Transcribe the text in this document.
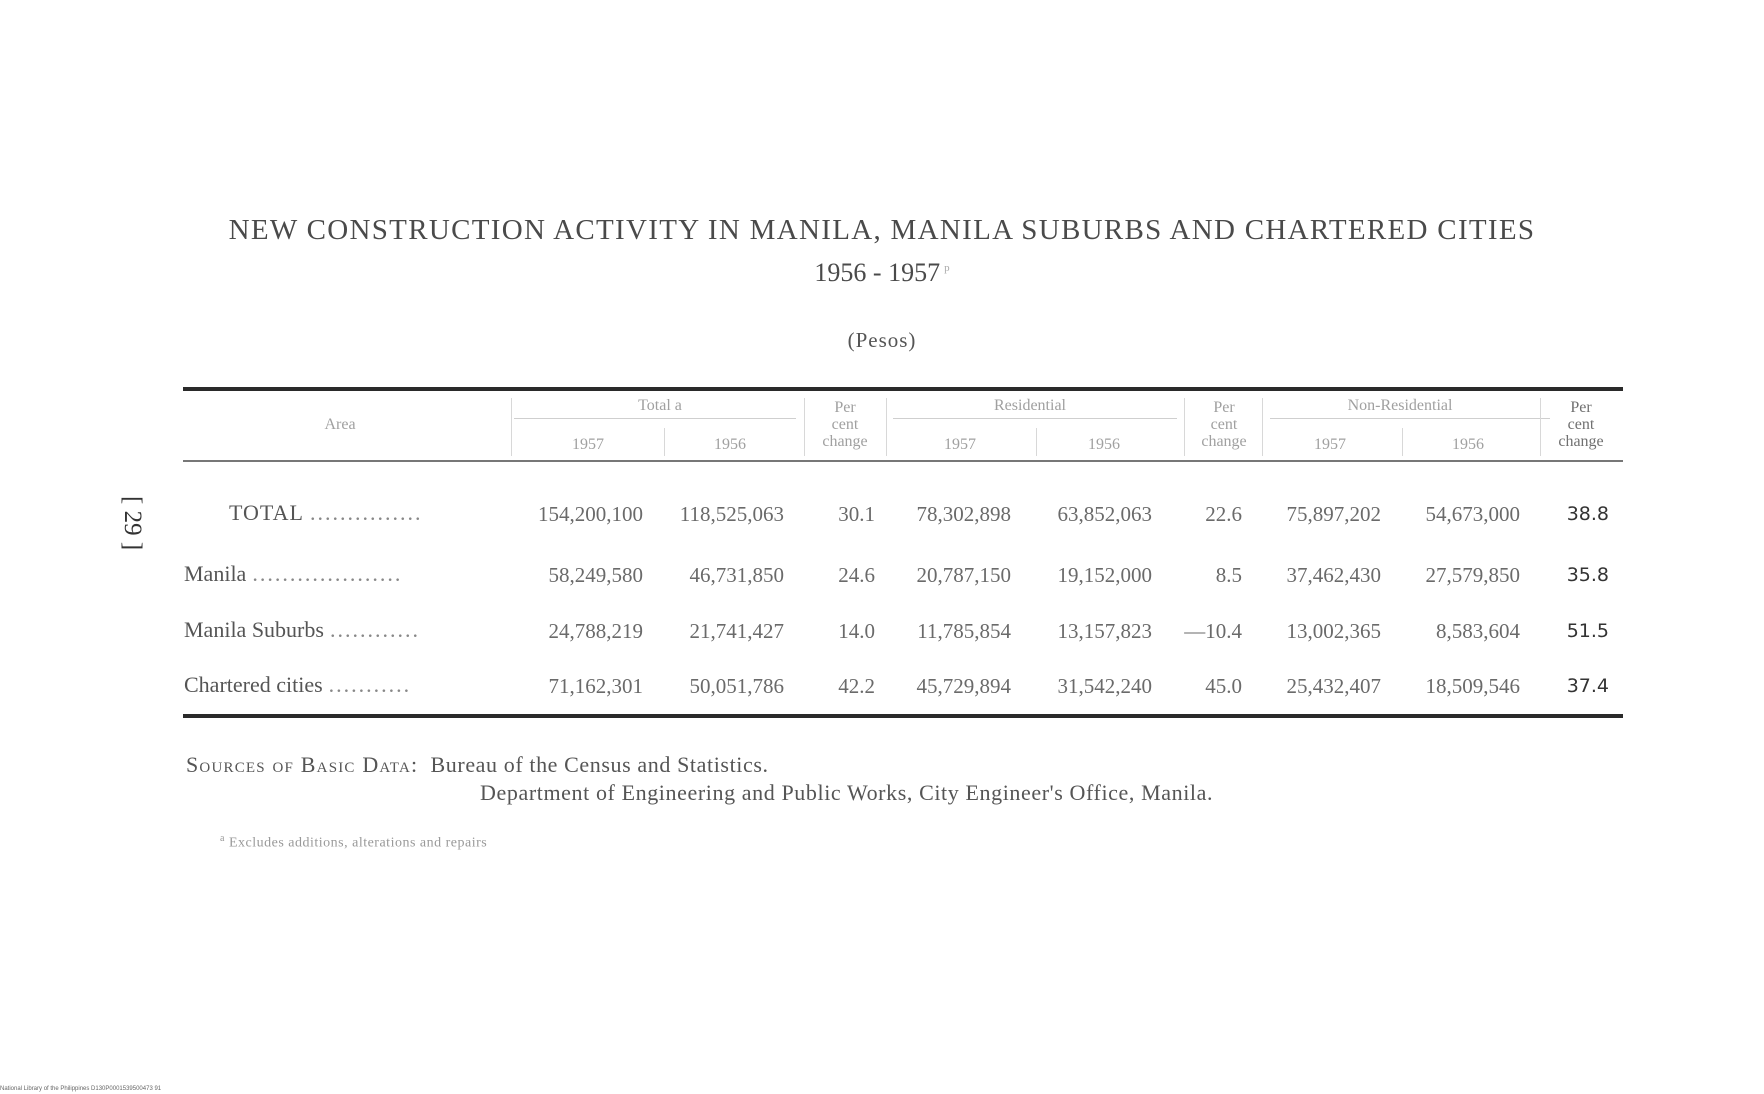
NEW CONSTRUCTION ACTIVITY IN MANILA, MANILA SUBURBS AND CHARTERED CITIES
1956 - 1957 $^p$
(Pesos)
[ 29 ]
Area
Total a
1957	1956
Per
cent
change
Residential
1957	1956
Per
cent
change
Non-Residential
1957	1956
Per
cent
change
TOTAL ...............	154,200,100 118,525,063	30.1 78,302,898 63,852,063	22.6 75,897,202 54,673,000 38.8
Manila ....................	58,249,580 46,731,850	24.6 20,787,150 19,152,000	8.5 37,462,430 27,579,850 35.8
Manila Suburbs ............	24,788,219 21,741,427	14.0 11,785,854 13,157,823 —10.4 13,002,365	8,583,604 51.5
Chartered cities ...........	71,162,301 50,051,786	42.2 45,729,894 31,542,240	45.0 25,432,407 18,509,546 37.4
Sources of Basic Data: Bureau of the Census and Statistics.
Department of Engineering and Public Works, City Engineer's Office, Manila.
$^a$ Excludes additions, alterations and repairs
National Library of the Philippines D130P0001539500473 91
